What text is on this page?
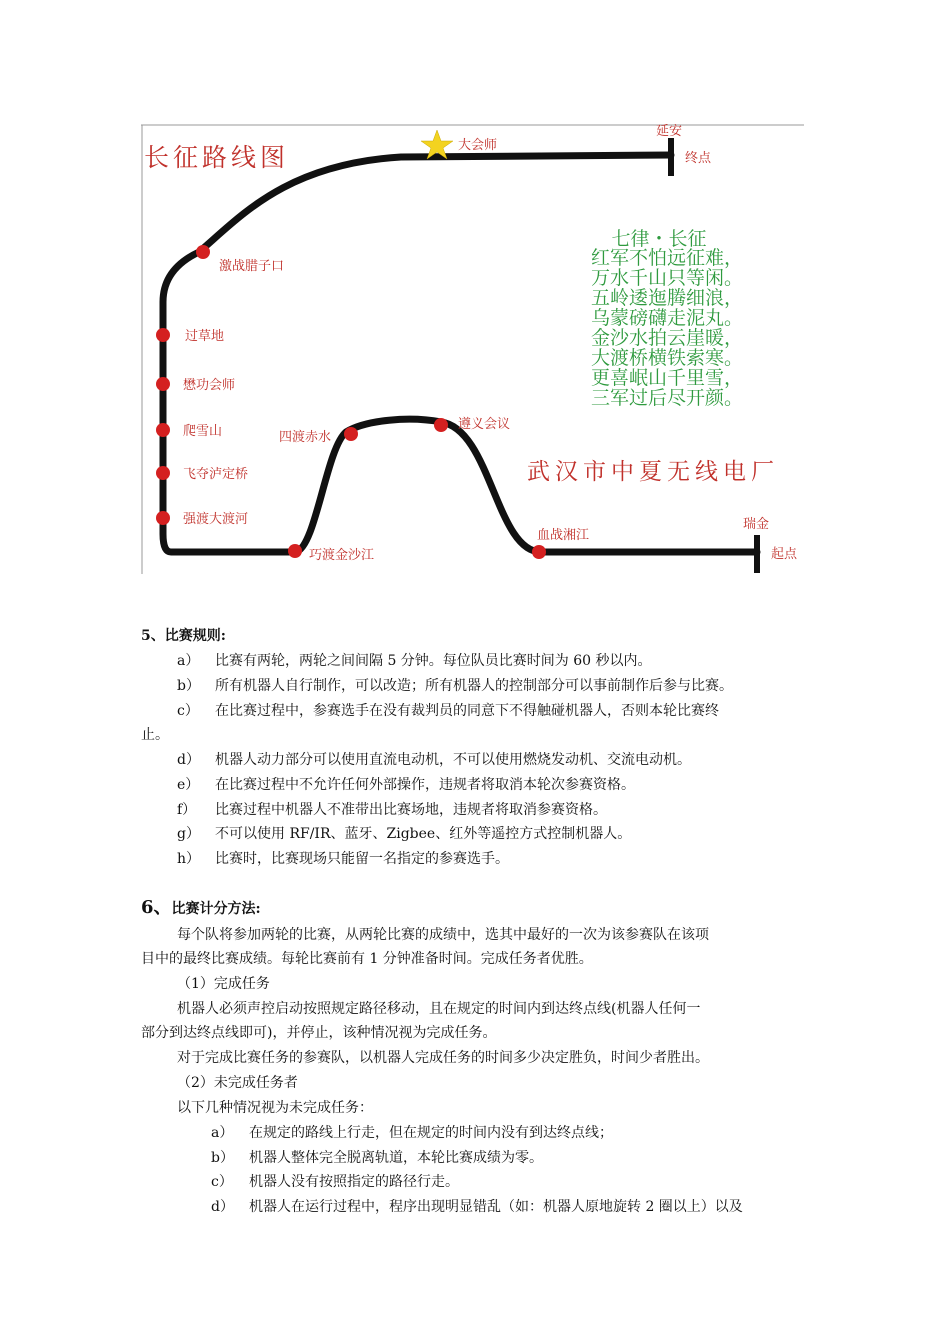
长征路线图	大会师
延安
终点
激战腊子口
过草地
懋功会师
爬雪山
飞夺泸定桥
强渡大渡河
巧渡金沙江
四渡赤水
遵义会议
血战湘江
瑞金
起点
七律・长征
红军不怕远征难，
万水千山只等闲。
五岭逶迤腾细浪，
乌蒙磅礴走泥丸。
金沙水拍云崖暖，
大渡桥横铁索寒。
更喜岷山千里雪，
三军过后尽开颜。
武汉市中夏无线电厂
5、比赛规则:
a） 比赛有两轮，两轮之间间隔 5 分钟。每位队员比赛时间为 60 秒以内。
b） 所有机器人自行制作，可以改造；所有机器人的控制部分可以事前制作后参与比赛。
c） 在比赛过程中，参赛选手在没有裁判员的同意下不得触碰机器人，否则本轮比赛终
止。
d） 机器人动力部分可以使用直流电动机，不可以使用燃烧发动机、交流电动机。
e） 在比赛过程中不允许任何外部操作，违规者将取消本轮次参赛资格。
f） 比赛过程中机器人不准带出比赛场地，违规者将取消参赛资格。
g） 不可以使用 RF/IR、蓝牙、Zigbee、红外等遥控方式控制机器人。
h） 比赛时，比赛现场只能留一名指定的参赛选手。
6、比赛计分方法:
每个队将参加两轮的比赛，从两轮比赛的成绩中，选其中最好的一次为该参赛队在该项
目中的最终比赛成绩。每轮比赛前有 1 分钟准备时间。完成任务者优胜。
（1）完成任务
机器人必须声控启动按照规定路径移动，且在规定的时间内到达终点线(机器人任何一
部分到达终点线即可)，并停止，该种情况视为完成任务。
对于完成比赛任务的参赛队，以机器人完成任务的时间多少决定胜负，时间少者胜出。
（2）未完成任务者
以下几种情况视为未完成任务：
a） 在规定的路线上行走，但在规定的时间内没有到达终点线；
b） 机器人整体完全脱离轨道，本轮比赛成绩为零。
c） 机器人没有按照指定的路径行走。
d） 机器人在运行过程中，程序出现明显错乱（如：机器人原地旋转 2 圈以上）以及
